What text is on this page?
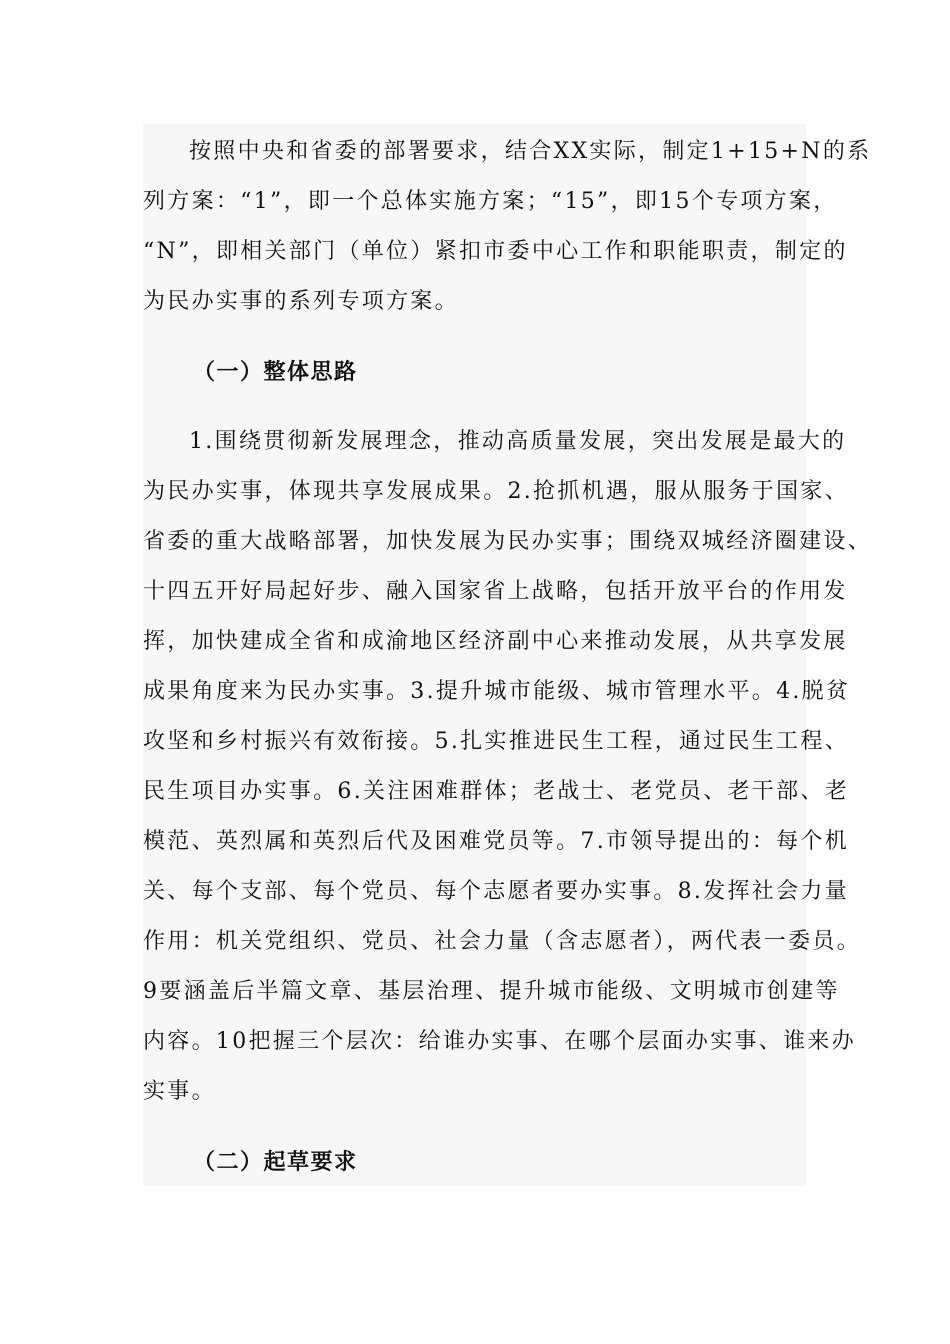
按照中央和省委的部署要求，结合XX实际，制定1+15+N的系
列方案：“1”，即一个总体实施方案；“15”，即15个专项方案，
“N”，即相关部门（单位）紧扣市委中心工作和职能职责，制定的
为民办实事的系列专项方案。
（一）整体思路
1.围绕贯彻新发展理念，推动高质量发展，突出发展是最大的
为民办实事，体现共享发展成果。2.抢抓机遇，服从服务于国家、
省委的重大战略部署，加快发展为民办实事；围绕双城经济圈建设、
十四五开好局起好步、融入国家省上战略，包括开放平台的作用发
挥，加快建成全省和成渝地区经济副中心来推动发展，从共享发展
成果角度来为民办实事。3.提升城市能级、城市管理水平。4.脱贫
攻坚和乡村振兴有效衔接。5.扎实推进民生工程，通过民生工程、
民生项目办实事。6.关注困难群体；老战士、老党员、老干部、老
模范、英烈属和英烈后代及困难党员等。7.市领导提出的：每个机
关、每个支部、每个党员、每个志愿者要办实事。8.发挥社会力量
作用：机关党组织、党员、社会力量（含志愿者），两代表一委员。
9要涵盖后半篇文章、基层治理、提升城市能级、文明城市创建等
内容。10把握三个层次：给谁办实事、在哪个层面办实事、谁来办
实事。
（二）起草要求
